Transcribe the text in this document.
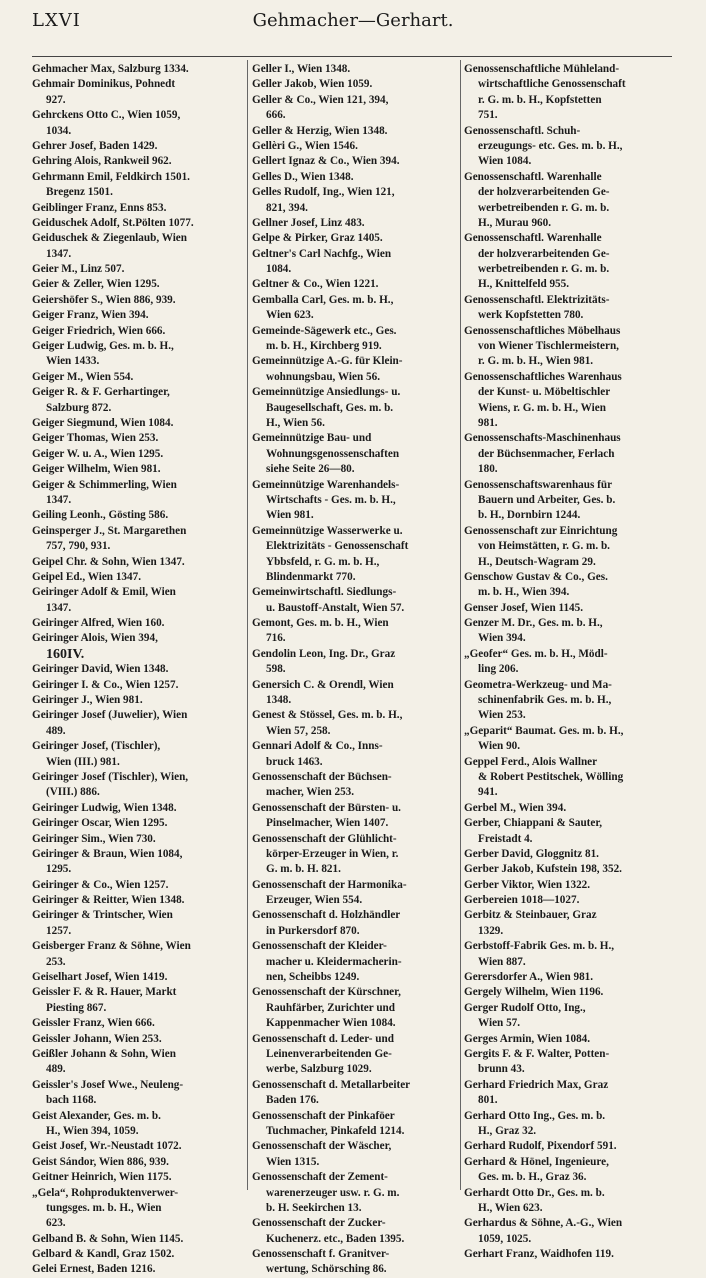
LXVI	Gehmacher—Gerhart.
Gehmacher Max, Salzburg 1334.
Gehmair Dominikus, Pohnedt
927.
Gehrckens Otto C., Wien 1059,
1034.
Gehrer Josef, Baden 1429.
Gehring Alois, Rankweil 962.
Gehrmann Emil, Feldkirch 1501.
Bregenz 1501.
Geiblinger Franz, Enns 853.
Geiduschek Adolf, St.Pölten 1077.
Geiduschek & Ziegenlaub, Wien
1347.
Geier M., Linz 507.
Geier & Zeller, Wien 1295.
Geiershöfer S., Wien 886, 939.
Geiger Franz, Wien 394.
Geiger Friedrich, Wien 666.
Geiger Ludwig, Ges. m. b. H.,
Wien 1433.
Geiger M., Wien 554.
Geiger R. & F. Gerhartinger,
Salzburg 872.
Geiger Siegmund, Wien 1084.
Geiger Thomas, Wien 253.
Geiger W. u. A., Wien 1295.
Geiger Wilhelm, Wien 981.
Geiger & Schimmerling, Wien
1347.
Geiling Leonh., Gösting 586.
Geinsperger J., St. Margarethen
757, 790, 931.
Geipel Chr. & Sohn, Wien 1347.
Geipel Ed., Wien 1347.
Geiringer Adolf & Emil, Wien
1347.
Geiringer Alfred, Wien 160.
Geiringer Alois, Wien 394,
160IV.
Geiringer David, Wien 1348.
Geiringer I. & Co., Wien 1257.
Geiringer J., Wien 981.
Geiringer Josef (Juwelier), Wien
489.
Geiringer Josef, (Tischler),
Wien (III.) 981.
Geiringer Josef (Tischler), Wien,
(VIII.) 886.
Geiringer Ludwig, Wien 1348.
Geiringer Oscar, Wien 1295.
Geiringer Sim., Wien 730.
Geiringer & Braun, Wien 1084,
1295.
Geiringer & Co., Wien 1257.
Geiringer & Reitter, Wien 1348.
Geiringer & Trintscher, Wien
1257.
Geisberger Franz & Söhne, Wien
253.
Geiselhart Josef, Wien 1419.
Geissler F. & R. Hauer, Markt
Piesting 867.
Geissler Franz, Wien 666.
Geissler Johann, Wien 253.
Geißler Johann & Sohn, Wien
489.
Geissler's Josef Wwe., Neuleng-
bach 1168.
Geist Alexander, Ges. m. b.
H., Wien 394, 1059.
Geist Josef, Wr.-Neustadt 1072.
Geist Sándor, Wien 886, 939.
Geitner Heinrich, Wien 1175.
„Gela“, Rohproduktenverwer-
tungsges. m. b. H., Wien
623.
Gelband B. & Sohn, Wien 1145.
Gelbard & Kandl, Graz 1502.
Gelei Ernest, Baden 1216.
Geller I., Wien 1348.
Geller Jakob, Wien 1059.
Geller & Co., Wien 121, 394,
666.
Geller & Herzig, Wien 1348.
Gellèri G., Wien 1546.
Gellert Ignaz & Co., Wien 394.
Gelles D., Wien 1348.
Gelles Rudolf, Ing., Wien 121,
821, 394.
Gellner Josef, Linz 483.
Gelpe & Pirker, Graz 1405.
Geltner's Carl Nachfg., Wien
1084.
Geltner & Co., Wien 1221.
Gemballa Carl, Ges. m. b. H.,
Wien 623.
Gemeinde-Sägewerk etc., Ges.
m. b. H., Kirchberg 919.
Gemeinnützige A.-G. für Klein-
wohnungsbau, Wien 56.
Gemeinnützige Ansiedlungs- u.
Baugesellschaft, Ges. m. b.
H., Wien 56.
Gemeinnützige Bau- und
Wohnungsgenossenschaften
siehe Seite 26—80.
Gemeinnützige Warenhandels-
Wirtschafts - Ges. m. b. H.,
Wien 981.
Gemeinnützige Wasserwerke u.
Elektrizitäts - Genossenschaft
Ybbsfeld, r. G. m. b. H.,
Blindenmarkt 770.
Gemeinwirtschaftl. Siedlungs-
u. Baustoff-Anstalt, Wien 57.
Gemont, Ges. m. b. H., Wien
716.
Gendolin Leon, Ing. Dr., Graz
598.
Genersich C. & Orendl, Wien
1348.
Genest & Stössel, Ges. m. b. H.,
Wien 57, 258.
Gennari Adolf & Co., Inns-
bruck 1463.
Genossenschaft der Büchsen-
macher, Wien 253.
Genossenschaft der Bürsten- u.
Pinselmacher, Wien 1407.
Genossenschaft der Glühlicht-
körper-Erzeuger in Wien, r.
G. m. b. H. 821.
Genossenschaft der Harmonika-
Erzeuger, Wien 554.
Genossenschaft d. Holzhändler
in Purkersdorf 870.
Genossenschaft der Kleider-
macher u. Kleidermacherin-
nen, Scheibbs 1249.
Genossenschaft der Kürschner,
Rauhfärber, Zurichter und
Kappenmacher Wien 1084.
Genossenschaft d. Leder- und
Leinenverarbeitenden Ge-
werbe, Salzburg 1029.
Genossenschaft d. Metallarbeiter
Baden 176.
Genossenschaft der Pinkaföer
Tuchmacher, Pinkafeld 1214.
Genossenschaft der Wäscher,
Wien 1315.
Genossenschaft der Zement-
warenerzeuger usw. r. G. m.
b. H. Seekirchen 13.
Genossenschaft der Zucker-
Kuchenerz. etc., Baden 1395.
Genossenschaft f. Granitver-
wertung, Schörsching 86.
Genossenschaftliche Mühleland-
wirtschaftliche Genossenschaft
r. G. m. b. H., Kopfstetten
751.
Genossenschaftl. Schuh-
erzeugungs- etc. Ges. m. b. H.,
Wien 1084.
Genossenschaftl. Warenhalle
der holzverarbeitenden Ge-
werbetreibenden r. G. m. b.
H., Murau 960.
Genossenschaftl. Warenhalle
der holzverarbeitenden Ge-
werbetreibenden r. G. m. b.
H., Knittelfeld 955.
Genossenschaftl. Elektrizitäts-
werk Kopfstetten 780.
Genossenschaftliches Möbelhaus
von Wiener Tischlermeistern,
r. G. m. b. H., Wien 981.
Genossenschaftliches Warenhaus
der Kunst- u. Möbeltischler
Wiens, r. G. m. b. H., Wien
981.
Genossenschafts-Maschinenhaus
der Büchsenmacher, Ferlach
180.
Genossenschaftswarenhaus für
Bauern und Arbeiter, Ges. b.
b. H., Dornbirn 1244.
Genossenschaft zur Einrichtung
von Heimstätten, r. G. m. b.
H., Deutsch-Wagram 29.
Genschow Gustav & Co., Ges.
m. b. H., Wien 394.
Genser Josef, Wien 1145.
Genzer M. Dr., Ges. m. b. H.,
Wien 394.
„Geofer“ Ges. m. b. H., Mödl-
ling 206.
Geometra-Werkzeug- und Ma-
schinenfabrik Ges. m. b. H.,
Wien 253.
„Geparit“ Baumat. Ges. m. b. H.,
Wien 90.
Geppel Ferd., Alois Wallner
& Robert Pestitschek, Wölling
941.
Gerbel M., Wien 394.
Gerber, Chiappani & Sauter,
Freistadt 4.
Gerber David, Gloggnitz 81.
Gerber Jakob, Kufstein 198, 352.
Gerber Viktor, Wien 1322.
Gerbereien 1018—1027.
Gerbitz & Steinbauer, Graz
1329.
Gerbstoff-Fabrik Ges. m. b. H.,
Wien 887.
Gerersdorfer A., Wien 981.
Gergely Wilhelm, Wien 1196.
Gerger Rudolf Otto, Ing.,
Wien 57.
Gerges Armin, Wien 1084.
Gergits F. & F. Walter, Potten-
brunn 43.
Gerhard Friedrich Max, Graz
801.
Gerhard Otto Ing., Ges. m. b.
H., Graz 32.
Gerhard Rudolf, Pixendorf 591.
Gerhard & Hönel, Ingenieure,
Ges. m. b. H., Graz 36.
Gerhardt Otto Dr., Ges. m. b.
H., Wien 623.
Gerhardus & Söhne, A.-G., Wien
1059, 1025.
Gerhart Franz, Waidhofen 119.
